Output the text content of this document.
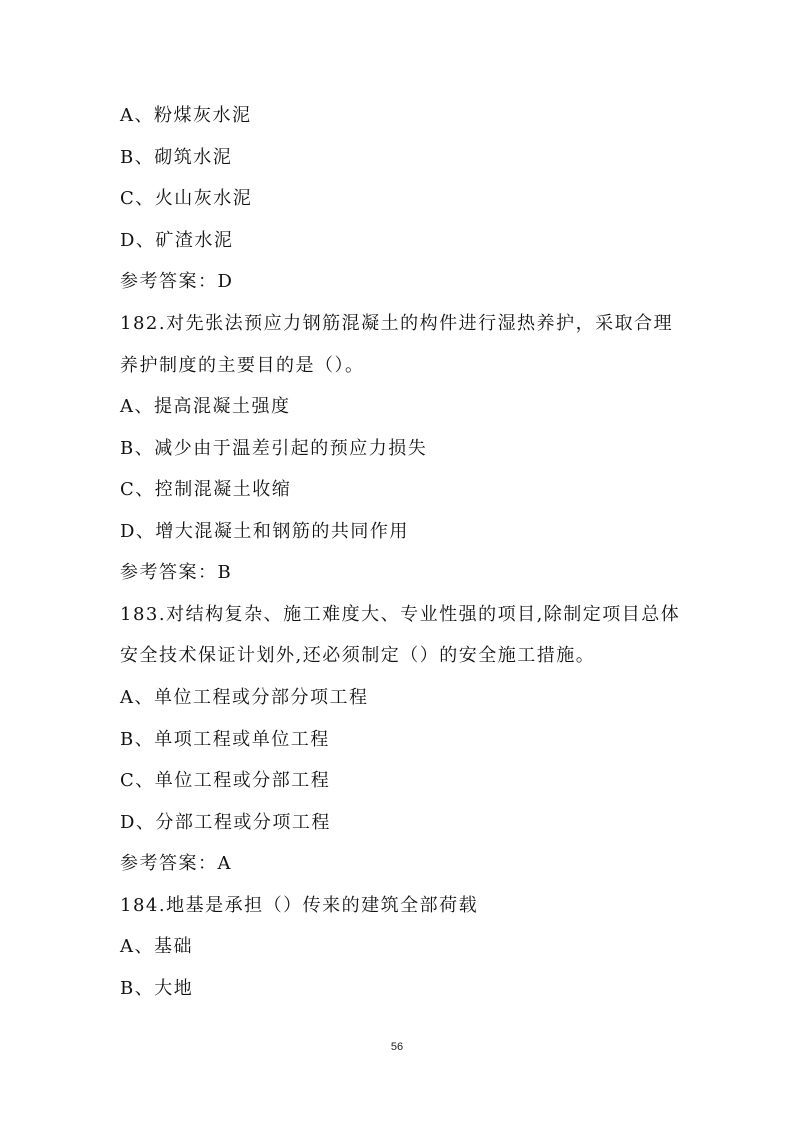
A、粉煤灰水泥
B、砌筑水泥
C、火山灰水泥
D、矿渣水泥
参考答案：D
182.对先张法预应力钢筋混凝土的构件进行湿热养护，采取合理
养护制度的主要目的是（）。
A、提高混凝土强度
B、减少由于温差引起的预应力损失
C、控制混凝土收缩
D、增大混凝土和钢筋的共同作用
参考答案：B
183.对结构复杂、施工难度大、专业性强的项目,除制定项目总体
安全技术保证计划外,还必须制定（）的安全施工措施。
A、单位工程或分部分项工程
B、单项工程或单位工程
C、单位工程或分部工程
D、分部工程或分项工程
参考答案：A
184.地基是承担（）传来的建筑全部荷载
A、基础
B、大地
56
